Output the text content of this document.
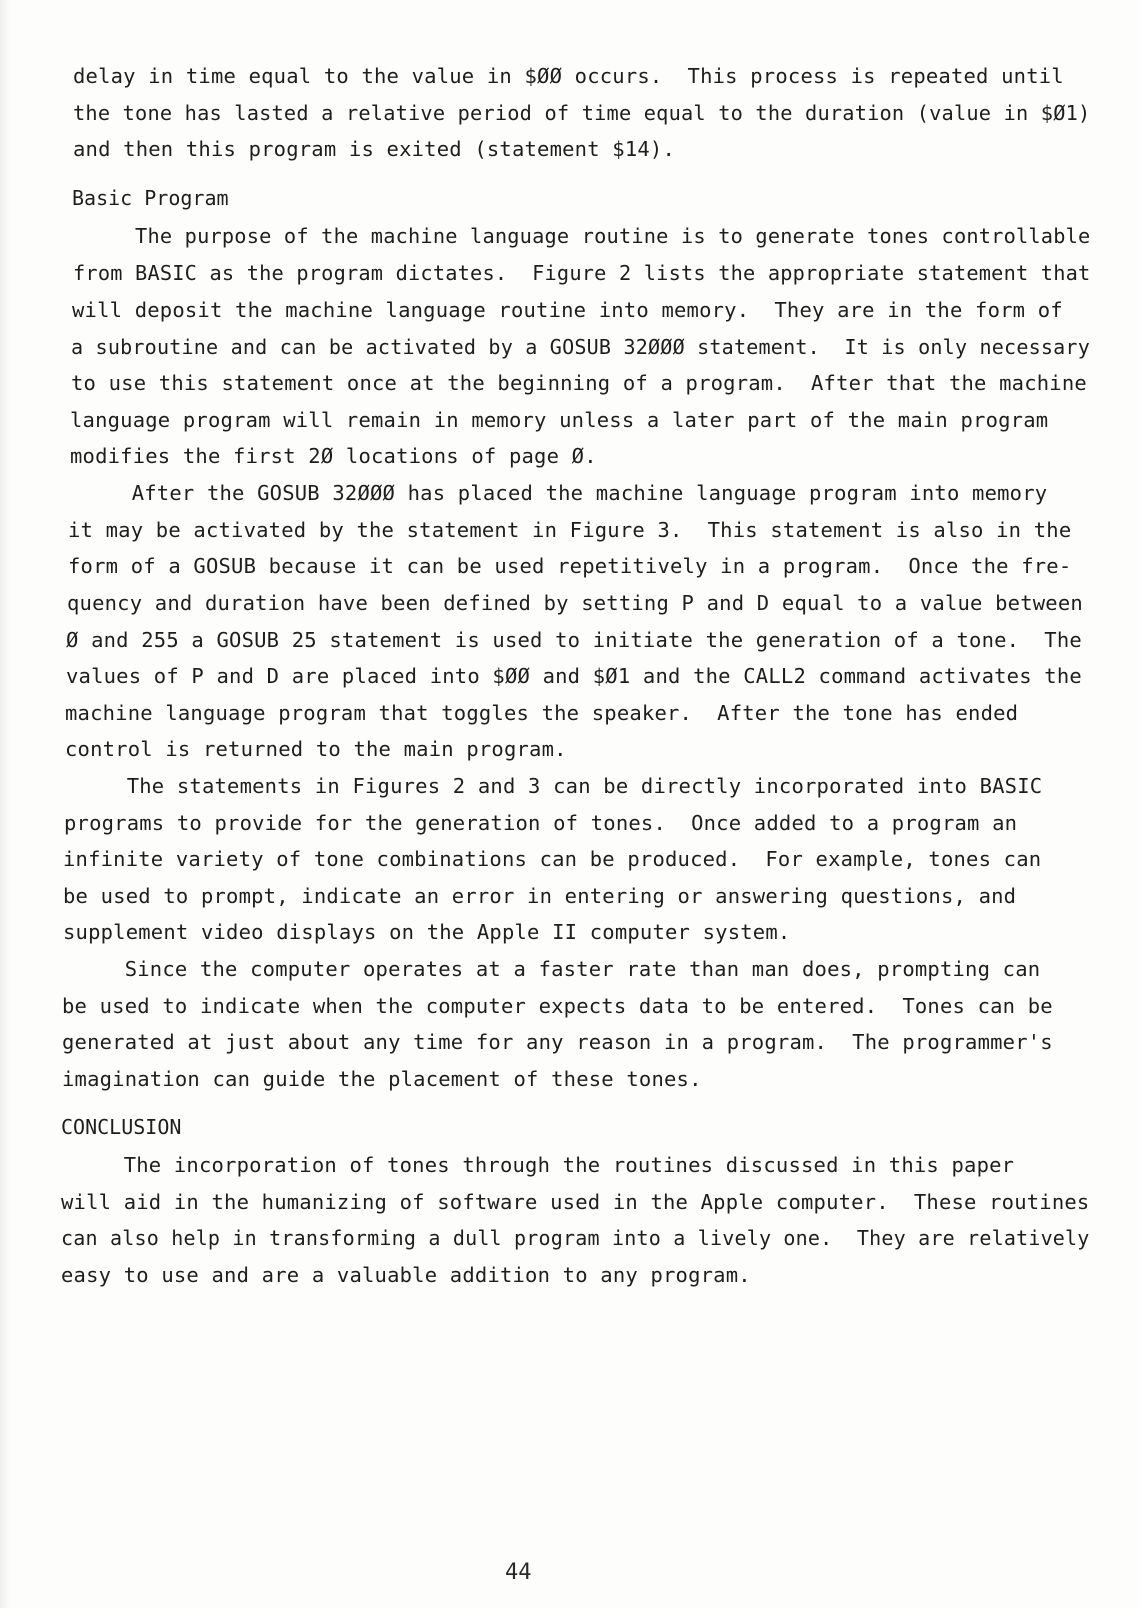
delay in time equal to the value in $ØØ occurs.  This process is repeated until
the tone has lasted a relative period of time equal to the duration (value in $Ø1)
and then this program is exited (statement $14).
Basic Program
The purpose of the machine language routine is to generate tones controllable
from BASIC as the program dictates.  Figure 2 lists the appropriate statement that
will deposit the machine language routine into memory.  They are in the form of
a subroutine and can be activated by a GOSUB 32ØØØ statement.  It is only necessary
to use this statement once at the beginning of a program.  After that the machine
language program will remain in memory unless a later part of the main program
modifies the first 2Ø locations of page Ø.
After the GOSUB 32ØØØ has placed the machine language program into memory
it may be activated by the statement in Figure 3.  This statement is also in the
form of a GOSUB because it can be used repetitively in a program.  Once the fre-
quency and duration have been defined by setting P and D equal to a value between
Ø and 255 a GOSUB 25 statement is used to initiate the generation of a tone.  The
values of P and D are placed into $ØØ and $Ø1 and the CALL2 command activates the
machine language program that toggles the speaker.  After the tone has ended
control is returned to the main program.
The statements in Figures 2 and 3 can be directly incorporated into BASIC
programs to provide for the generation of tones.  Once added to a program an
infinite variety of tone combinations can be produced.  For example, tones can
be used to prompt, indicate an error in entering or answering questions, and
supplement video displays on the Apple II computer system.
Since the computer operates at a faster rate than man does, prompting can
be used to indicate when the computer expects data to be entered.  Tones can be
generated at just about any time for any reason in a program.  The programmer's
imagination can guide the placement of these tones.
CONCLUSION
The incorporation of tones through the routines discussed in this paper
will aid in the humanizing of software used in the Apple computer.  These routines
can also help in transforming a dull program into a lively one.  They are relatively
easy to use and are a valuable addition to any program.
44
